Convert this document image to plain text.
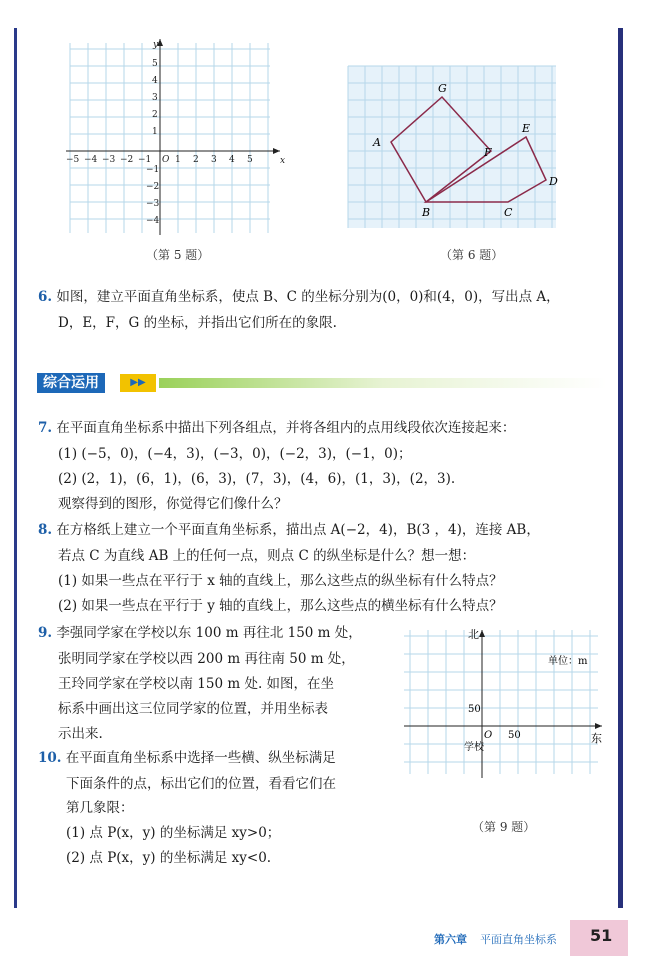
x
y
O
−5 −4 −3 −2 −1	1 2 3 4 5
5
4
3
2
1
−1
−2
−3
−4
（第 5 题）
A
G
E
F
D
B	C
（第 6 题）
6. 如图，建立平面直角坐标系，使点 B、C 的坐标分别为(0，0)和(4，0)，写出点 A，
D，E，F，G 的坐标，并指出它们所在的象限.
综合运用	▶▶
7. 在平面直角坐标系中描出下列各组点，并将各组内的点用线段依次连接起来：
(1) (−5，0)，(−4，3)，(−3，0)，(−2，3)，(−1，0)；
(2) (2，1)，(6，1)，(6，3)，(7，3)，(4，6)，(1，3)，(2，3).
观察得到的图形，你觉得它们像什么？
8. 在方格纸上建立一个平面直角坐标系，描出点 A(−2，4)，B(3 ，4)，连接 AB，
若点 C 为直线 AB 上的任何一点，则点 C 的纵坐标是什么？想一想：
(1) 如果一些点在平行于 x 轴的直线上，那么这些点的纵坐标有什么特点？
(2) 如果一些点在平行于 y 轴的直线上，那么这些点的横坐标有什么特点？
9. 李强同学家在学校以东 100 m 再往北 150 m 处，
张明同学家在学校以西 200 m 再往南 50 m 处，
王玲同学家在学校以南 150 m 处. 如图，在坐
标系中画出这三位同学家的位置，并用坐标表
示出来.
10. 在平面直角坐标系中选择一些横、纵坐标满足
下面条件的点，标出它们的位置，看看它们在
第几象限：
(1) 点 P(x，y) 的坐标满足 xy>0；
(2) 点 P(x，y) 的坐标满足 xy<0.
北
东
单位：m
50
50
O
学校
（第 9 题）
第六章 平面直角坐标系 51
